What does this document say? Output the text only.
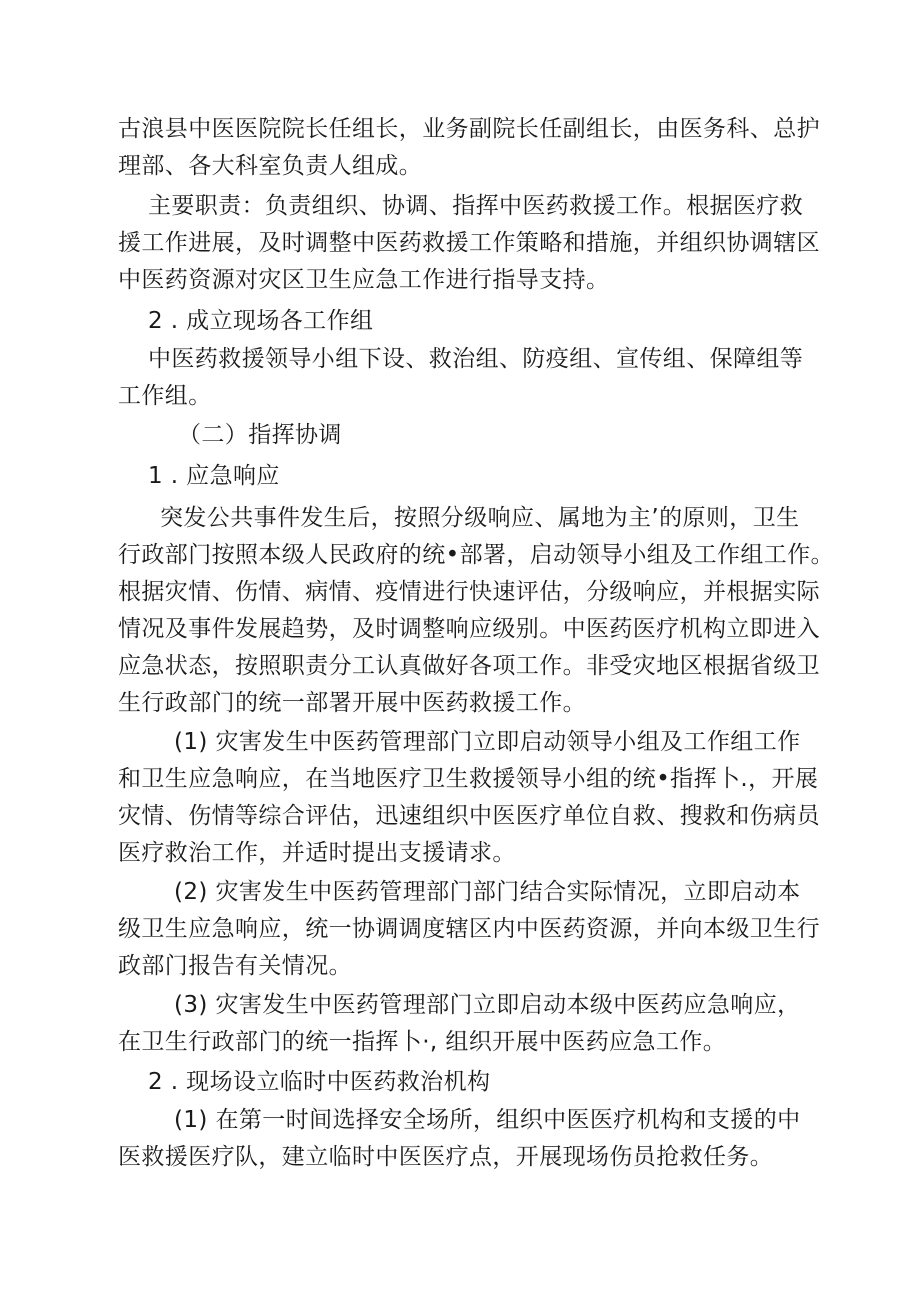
古浪县中医医院院长任组长，业务副院长任副组长，由医务科、总护
理部、各大科室负责人组成。
主要职责：负责组织、协调、指挥中医药救援工作。根据医疗救
援工作进展，及时调整中医药救援工作策略和措施，并组织协调辖区
中医药资源对灾区卫生应急工作进行指导支持。
2 . 成立现场各工作组
中医药救援领导小组下设、救治组、防疫组、宣传组、保障组等
工作组。
（二）指挥协调
1 . 应急响应
突发公共事件发生后，按照分级响应、属地为主’的原则，卫生
行政部门按照本级人民政府的统•部署，启动领导小组及工作组工作。
根据灾情、伤情、病情、疫情进行快速评估，分级响应，并根据实际
情况及事件发展趋势，及时调整响应级别。中医药医疗机构立即进入
应急状态，按照职责分工认真做好各项工作。非受灾地区根据省级卫
生行政部门的统一部署开展中医药救援工作。
(1) 灾害发生中医药管理部门立即启动领导小组及工作组工作
和卫生应急响应，在当地医疗卫生救援领导小组的统•指挥卜.，开展
灾情、伤情等综合评估，迅速组织中医医疗单位自救、搜救和伤病员
医疗救治工作，并适时提出支援请求。
(2) 灾害发生中医药管理部门部门结合实际情况，立即启动本
级卫生应急响应，统一协调调度辖区内中医药资源，并向本级卫生行
政部门报告有关情况。
(3) 灾害发生中医药管理部门立即启动本级中医药应急响应，
在卫生行政部门的统一指挥卜·, 组织开展中医药应急工作。
2 . 现场设立临时中医药救治机构
(1) 在第一时间选择安全场所，组织中医医疗机构和支援的中
医救援医疗队，建立临时中医医疗点，开展现场伤员抢救任务。
